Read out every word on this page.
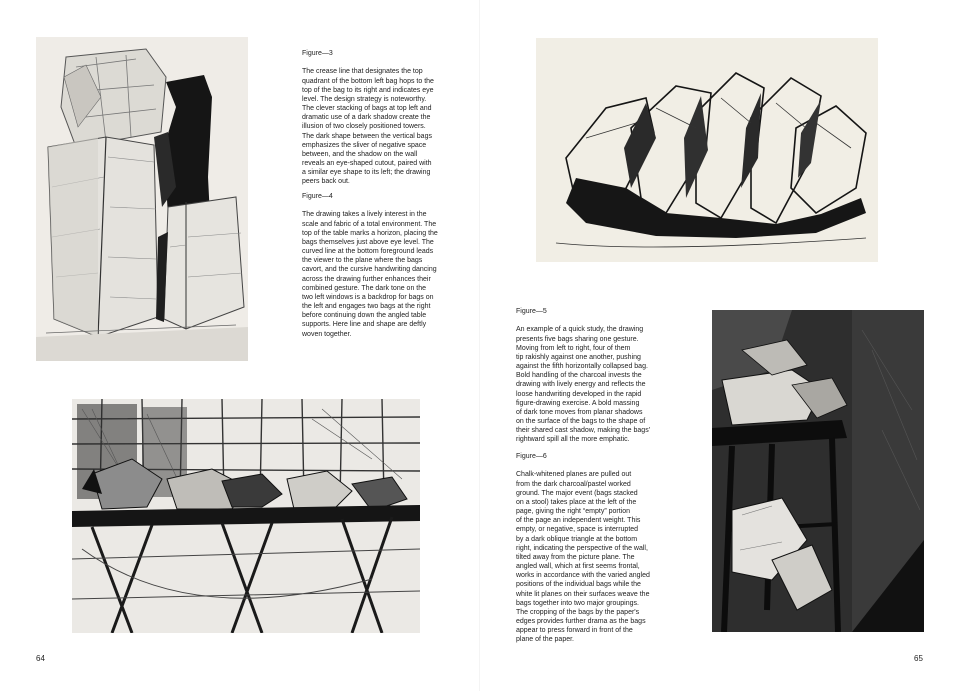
Figure—3

The crease line that designates the top
quadrant of the bottom left bag hops to the
top of the bag to its right and indicates eye
level. The design strategy is noteworthy.
The clever stacking of bags at top left and
dramatic use of a dark shadow create the
illusion of two closely positioned towers.
The dark shape between the vertical bags
emphasizes the sliver of negative space
between, and the shadow on the wall
reveals an eye-shaped cutout, paired with
a similar eye shape to its left; the drawing
peers back out.

Figure—4

The drawing takes a lively interest in the
scale and fabric of a total environment. The
top of the table marks a horizon, placing the
bags themselves just above eye level. The
curved line at the bottom foreground leads
the viewer to the plane where the bags
cavort, and the cursive handwriting dancing
across the drawing further enhances their
combined gesture. The dark tone on the
two left windows is a backdrop for bags on
the left and engages two bags at the right
before continuing down the angled table
supports. Here line and shape are deftly
woven together.

64

Figure—5

An example of a quick study, the drawing
presents five bags sharing one gesture.
Moving from left to right, four of them
tip rakishly against one another, pushing
against the fifth horizontally collapsed bag.
Bold handling of the charcoal invests the
drawing with lively energy and reflects the
loose handwriting developed in the rapid
figure-drawing exercise. A bold massing
of dark tone moves from planar shadows
on the surface of the bags to the shape of
their shared cast shadow, making the bags'
rightward spill all the more emphatic.

Figure—6

Chalk-whitened planes are pulled out
from the dark charcoal/pastel worked
ground. The major event (bags stacked
on a stool) takes place at the left of the
page, giving the right “empty” portion
of the page an independent weight. This
empty, or negative, space is interrupted
by a dark oblique triangle at the bottom
right, indicating the perspective of the wall,
tilted away from the picture plane. The
angled wall, which at first seems frontal,
works in accordance with the varied angled
positions of the individual bags while the
white lit planes on their surfaces weave the
bags together into two major groupings.
The cropping of the bags by the paper's
edges provides further drama as the bags
appear to press forward in front of the
plane of the paper.

65
